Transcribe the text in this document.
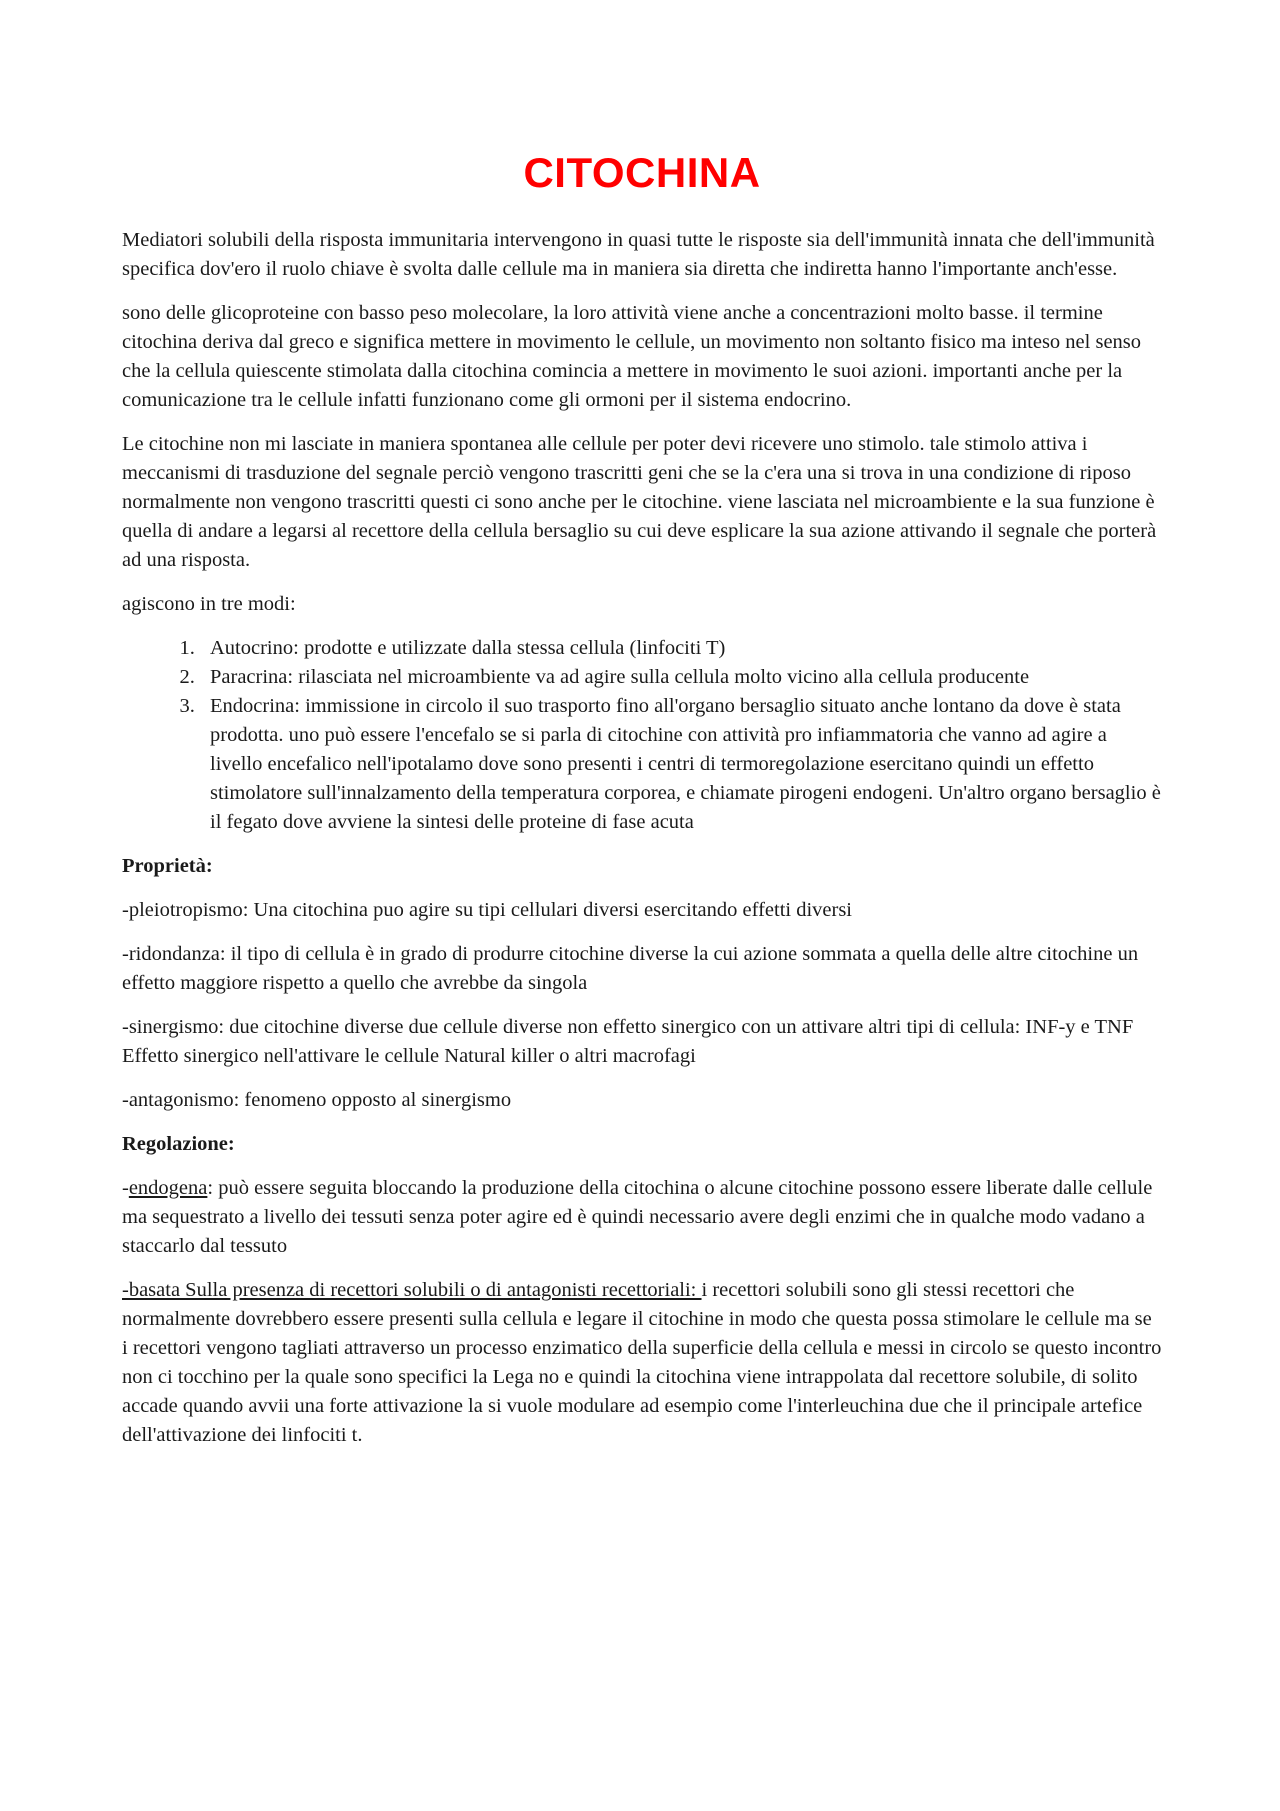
CITOCHINA

Mediatori solubili della risposta immunitaria intervengono in quasi tutte le risposte sia dell'immunità innata che dell'immunità specifica dov'ero il ruolo chiave è svolta dalle cellule ma in maniera sia diretta che indiretta hanno l'importante anch'esse.

sono delle glicoproteine con basso peso molecolare, la loro attività viene anche a concentrazioni molto basse. il termine citochina deriva dal greco e significa mettere in movimento le cellule, un movimento non soltanto fisico ma inteso nel senso che la cellula quiescente stimolata dalla citochina comincia a mettere in movimento le suoi azioni. importanti anche per la comunicazione tra le cellule infatti funzionano come gli ormoni per il sistema endocrino.

Le citochine non mi lasciate in maniera spontanea alle cellule per poter devi ricevere uno stimolo. tale stimolo attiva i meccanismi di trasduzione del segnale perciò vengono trascritti geni che se la c'era una si trova in una condizione di riposo normalmente non vengono trascritti questi ci sono anche per le citochine. viene lasciata nel microambiente e la sua funzione è quella di andare a legarsi al recettore della cellula bersaglio su cui deve esplicare la sua azione attivando il segnale che porterà ad una risposta.

agiscono in tre modi:

1. Autocrino: prodotte e utilizzate dalla stessa cellula (linfociti T)
2. Paracrina: rilasciata nel microambiente va ad agire sulla cellula molto vicino alla cellula producente
3. Endocrina: immissione in circolo il suo trasporto fino all'organo bersaglio situato anche lontano da dove è stata prodotta. uno può essere l'encefalo se si parla di citochine con attività pro infiammatoria che vanno ad agire a livello encefalico nell'ipotalamo dove sono presenti i centri di termoregolazione esercitano quindi un effetto stimolatore sull'innalzamento della temperatura corporea, e chiamate pirogeni endogeni. Un'altro organo bersaglio è il fegato dove avviene la sintesi delle proteine di fase acuta

Proprietà:

-pleiotropismo: Una citochina puo agire su tipi cellulari diversi esercitando effetti diversi

-ridondanza: il tipo di cellula è in grado di produrre citochine diverse la cui azione sommata a quella delle altre citochine un effetto maggiore rispetto a quello che avrebbe da singola

-sinergismo: due citochine diverse due cellule diverse non effetto sinergico con un attivare altri tipi di cellula: INF-y e TNF Effetto sinergico nell'attivare le cellule Natural killer o altri macrofagi

-antagonismo: fenomeno opposto al sinergismo

Regolazione:

-endogena: può essere seguita bloccando la produzione della citochina o alcune citochine possono essere liberate dalle cellule ma sequestrato a livello dei tessuti senza poter agire ed è quindi necessario avere degli enzimi che in qualche modo vadano a staccarlo dal tessuto

-basata Sulla presenza di recettori solubili o di antagonisti recettoriali: i recettori solubili sono gli stessi recettori che normalmente dovrebbero essere presenti sulla cellula e legare il citochine in modo che questa possa stimolare le cellule ma se i recettori vengono tagliati attraverso un processo enzimatico della superficie della cellula e messi in circolo se questo incontro non ci tocchino per la quale sono specifici la Lega no e quindi la citochina viene intrappolata dal recettore solubile, di solito accade quando avvii una forte attivazione la si vuole modulare ad esempio come l'interleuchina due che il principale artefice dell'attivazione dei linfociti t.
